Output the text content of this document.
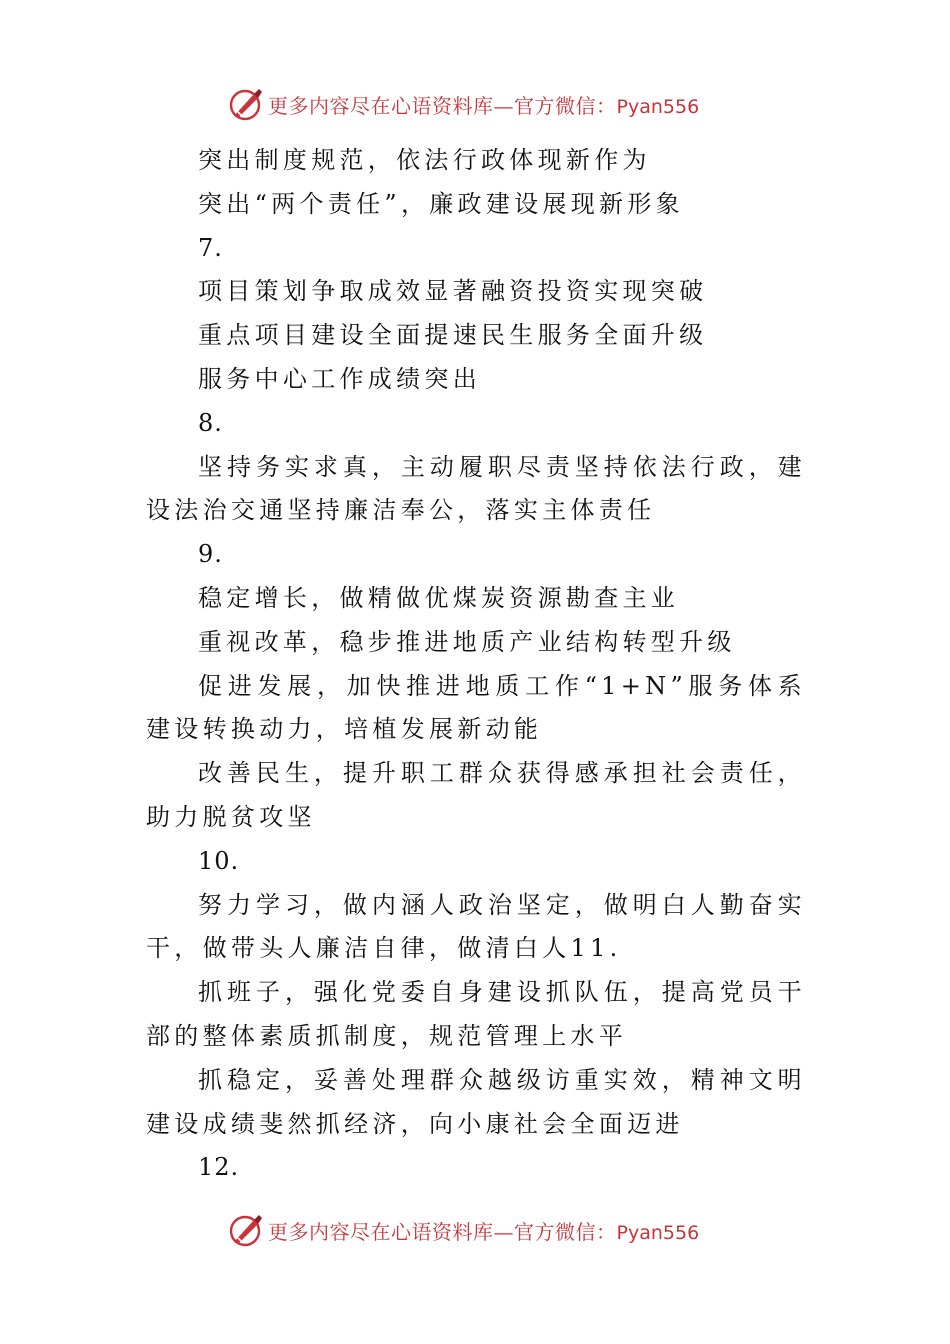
更多内容尽在心语资料库—官方微信：Pyan556

突出制度规范，依法行政体现新作为

突出“两个责任”，廉政建设展现新形象

7.

项目策划争取成效显著融资投资实现突破

重点项目建设全面提速民生服务全面升级

服务中心工作成绩突出

8.

坚持务实求真，主动履职尽责坚持依法行政，建设法治交通坚持廉洁奉公，落实主体责任

9.

稳定增长，做精做优煤炭资源勘查主业

重视改革，稳步推进地质产业结构转型升级

促进发展，加快推进地质工作“1+N”服务体系建设转换动力，培植发展新动能

改善民生，提升职工群众获得感承担社会责任，助力脱贫攻坚

10.

努力学习，做内涵人政治坚定，做明白人勤奋实干，做带头人廉洁自律，做清白人11.

抓班子，强化党委自身建设抓队伍，提高党员干部的整体素质抓制度，规范管理上水平

抓稳定，妥善处理群众越级访重实效，精神文明建设成绩斐然抓经济，向小康社会全面迈进

12.

更多内容尽在心语资料库—官方微信：Pyan556
